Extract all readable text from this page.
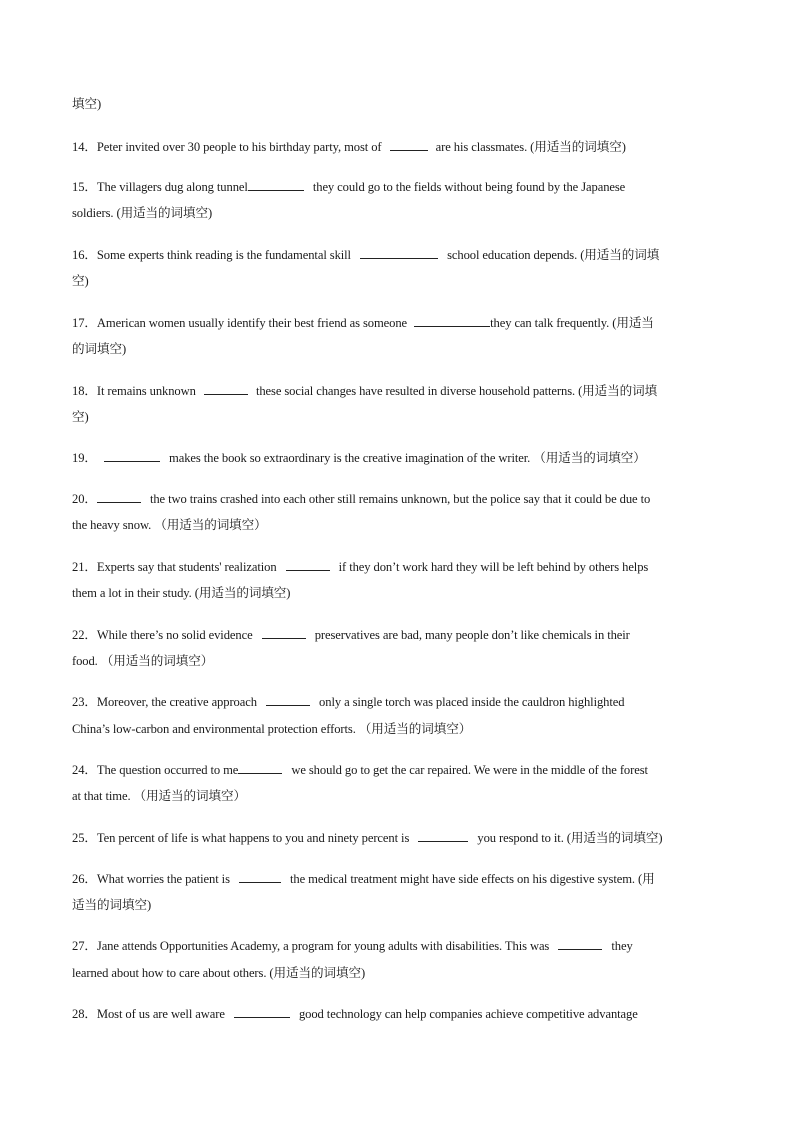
填空)
14．Peter invited over 30 people to his birthday party, most of	are his classmates. (用适当的词填空)
15．The villagers dug along tunnel	they could go to the fields without being found by the Japanese
soldiers. (用适当的词填空)
16．Some experts think reading is the fundamental skill	school education depends. (用适当的词填
空)
17．American women usually identify their best friend as someone	they can talk frequently. (用适当
的词填空)
18．It remains unknown	these social changes have resulted in diverse household patterns. (用适当的词填
空)
19．	makes the book so extraordinary is the creative imagination of the writer. （用适当的词填空）
20．	the two trains crashed into each other still remains unknown, but the police say that it could be due to
the heavy snow. （用适当的词填空）
21．Experts say that students' realization	if they don’t work hard they will be left behind by others helps
them a lot in their study. (用适当的词填空)
22．While there’s no solid evidence	preservatives are bad, many people don’t like chemicals in their
food. （用适当的词填空）
23．Moreover, the creative approach	only a single torch was placed inside the cauldron highlighted
China’s low-carbon and environmental protection efforts. （用适当的词填空）
24．The question occurred to me	we should go to get the car repaired. We were in the middle of the forest
at that time. （用适当的词填空）
25．Ten percent of life is what happens to you and ninety percent is	you respond to it. (用适当的词填空)
26．What worries the patient is	the medical treatment might have side effects on his digestive system. (用
适当的词填空)
27．Jane attends Opportunities Academy, a program for young adults with disabilities. This was	they
learned about how to care about others. (用适当的词填空)
28．Most of us are well aware	good technology can help companies achieve competitive advantage
